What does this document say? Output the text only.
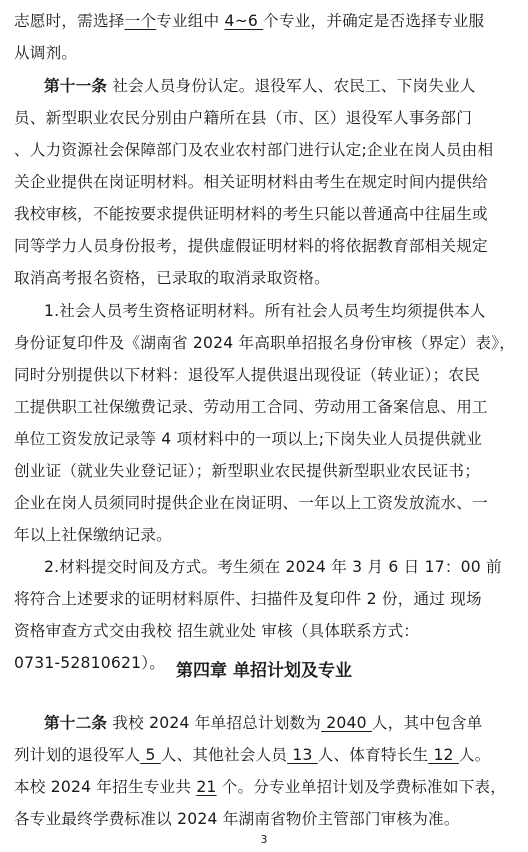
志愿时，需选择一个专业组中 4~6 个专业，并确定是否选择专业服
从调剂。
第十一条 社会人员身份认定。退役军人、农民工、下岗失业人
员、新型职业农民分别由户籍所在县（市、区）退役军人事务部门
、人力资源社会保障部门及农业农村部门进行认定;企业在岗人员由相
关企业提供在岗证明材料。相关证明材料由考生在规定时间内提供给
我校审核，不能按要求提供证明材料的考生只能以普通高中往届生或
同等学力人员身份报考，提供虚假证明材料的将依据教育部相关规定
取消高考报名资格，已录取的取消录取资格。
1.社会人员考生资格证明材料。所有社会人员考生均须提供本人
身份证复印件及《湖南省 2024 年高职单招报名身份审核（界定）表》，
同时分别提供以下材料：退役军人提供退出现役证（转业证）；农民
工提供职工社保缴费记录、劳动用工合同、劳动用工备案信息、用工
单位工资发放记录等 4 项材料中的一项以上;下岗失业人员提供就业
创业证（就业失业登记证）；新型职业农民提供新型职业农民证书；
企业在岗人员须同时提供企业在岗证明、一年以上工资发放流水、一
年以上社保缴纳记录。
2.材料提交时间及方式。考生须在 2024 年 3 月 6 日 17：00 前
将符合上述要求的证明材料原件、扫描件及复印件 2 份，通过 现场
资格审查方式交由我校 招生就业处 审核（具体联系方式：
0731-52810621）。
第十二条 我校 2024 年单招总计划数为 2040 人，其中包含单
列计划的退役军人 5 人、其他社会人员 13 人、体育特长生 12 人。
本校 2024 年招生专业共 21 个。分专业单招计划及学费标准如下表，
各专业最终学费标准以 2024 年湖南省物价主管部门审核为准。
第四章 单招计划及专业
3
